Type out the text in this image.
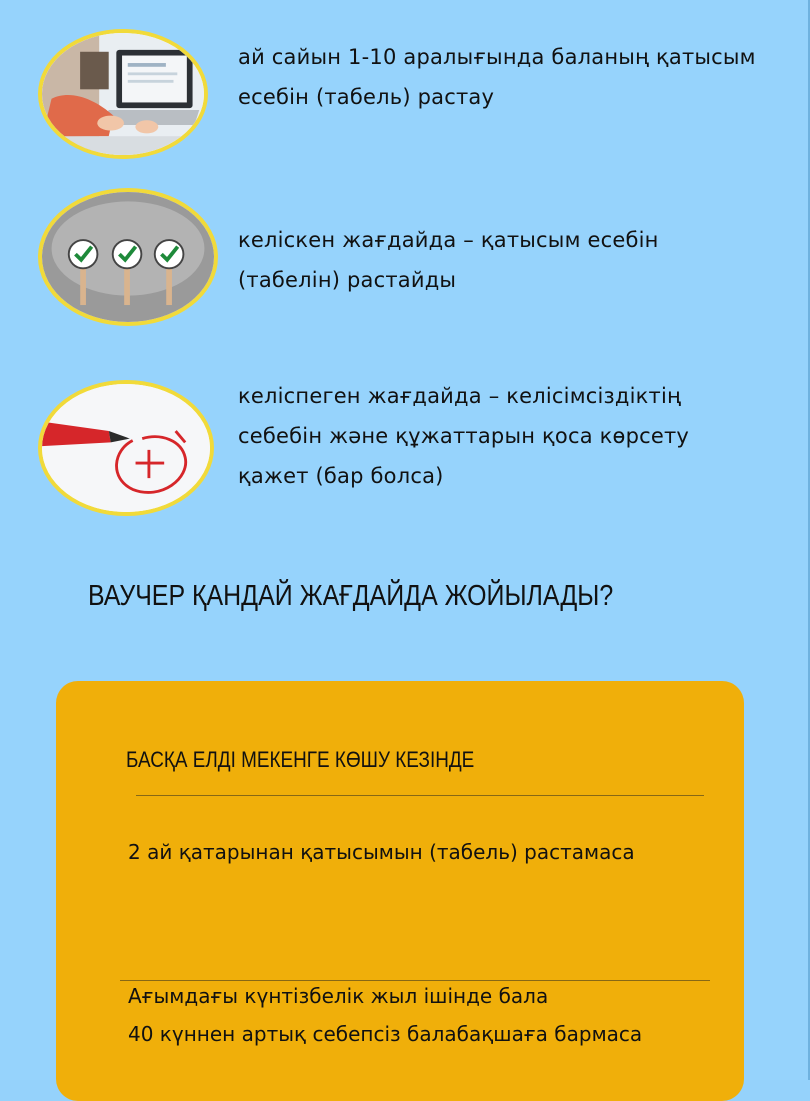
ай сайын 1-10 аралығында баланың қатысым
есебін (табель) растау
келіскен жағдайда – қатысым есебін
(табелін) растайды
келіспеген жағдайда – келісімсіздіктің
себебін және құжаттарын қоса көрсету
қажет (бар болса)
ВАУЧЕР ҚАНДАЙ ЖАҒДАЙДА ЖОЙЫЛАДЫ?
БАСҚА ЕЛДІ МЕКЕНГЕ КӨШУ КЕЗІНДЕ
2 ай қатарынан қатысымын (табель) растамаса
Ағымдағы күнтізбелік жыл ішінде бала
40 күннен артық себепсіз балабақшаға бармаса
